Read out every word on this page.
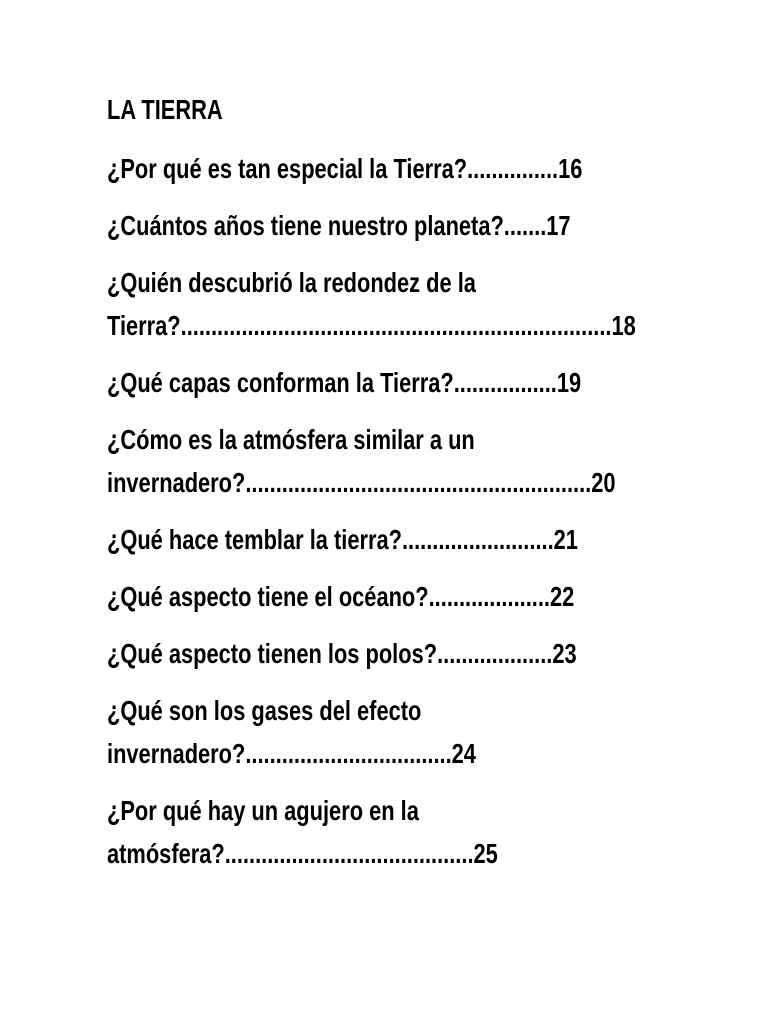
LA TIERRA
¿Por qué es tan especial la Tierra?...............16
¿Cuántos años tiene nuestro planeta?.......17
¿Quién descubrió la redondez de la
Tierra?.......................................................................18
¿Qué capas conforman la Tierra?.................19
¿Cómo es la atmósfera similar a un
invernadero?.........................................................20
¿Qué hace temblar la tierra?.........................21
¿Qué aspecto tiene el océano?....................22
¿Qué aspecto tienen los polos?...................23
¿Qué son los gases del efecto
invernadero?..................................24
¿Por qué hay un agujero en la
atmósfera?.........................................25
